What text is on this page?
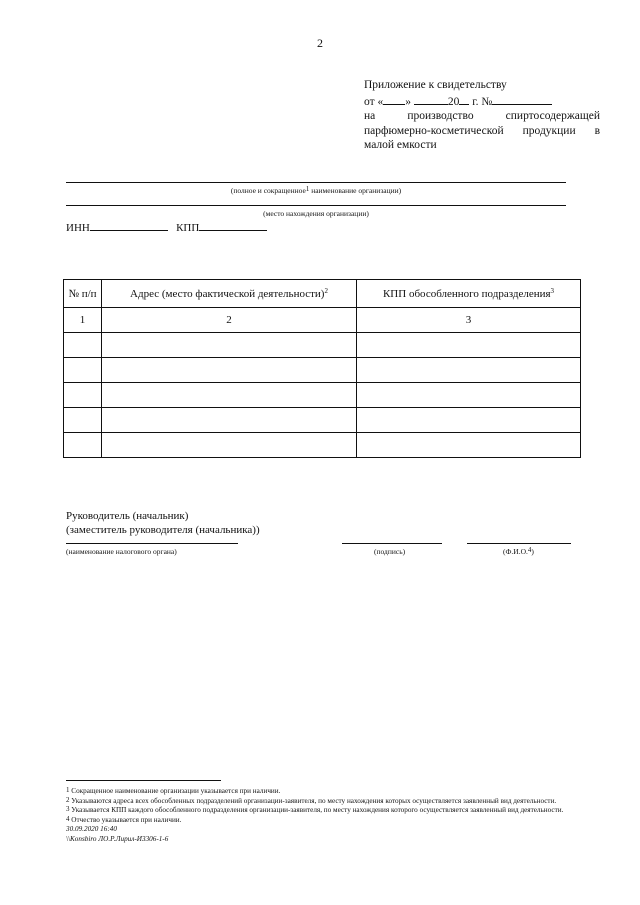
2
Приложение к свидетельству
от « »	20 г. №
на	производство	спиртосодержащей
парфюмерно-косметической продукции в
малой емкости
(полное и сокращенное$^1$ наименование организации)
(место нахождения организации)
ИНН	КПП
№ п/п	Адрес (место фактической деятельности)$^2$	КПП обособленного подразделения$^3$
1	2	3

Руководитель (начальник)
(заместитель руководителя (начальника))
(наименование налогового органа)	(подпись)	(Ф.И.О.$^4$)
$^1$ Сокращенное наименование организации указывается при наличии.
$^2$ Указываются адреса всех обособленных подразделений организации-заявителя, по месту нахождения которых осуществляется заявленный вид деятельности.
$^3$ Указывается КПП каждого обособленного подразделения организации-заявителя, по месту нахождения которого осуществляется заявленный вид деятельности.
$^4$ Отчество указывается при наличии.
30.09.2020 16:40
\\Konsbiro ЛО.Р.Лирил-И3306-1-6
